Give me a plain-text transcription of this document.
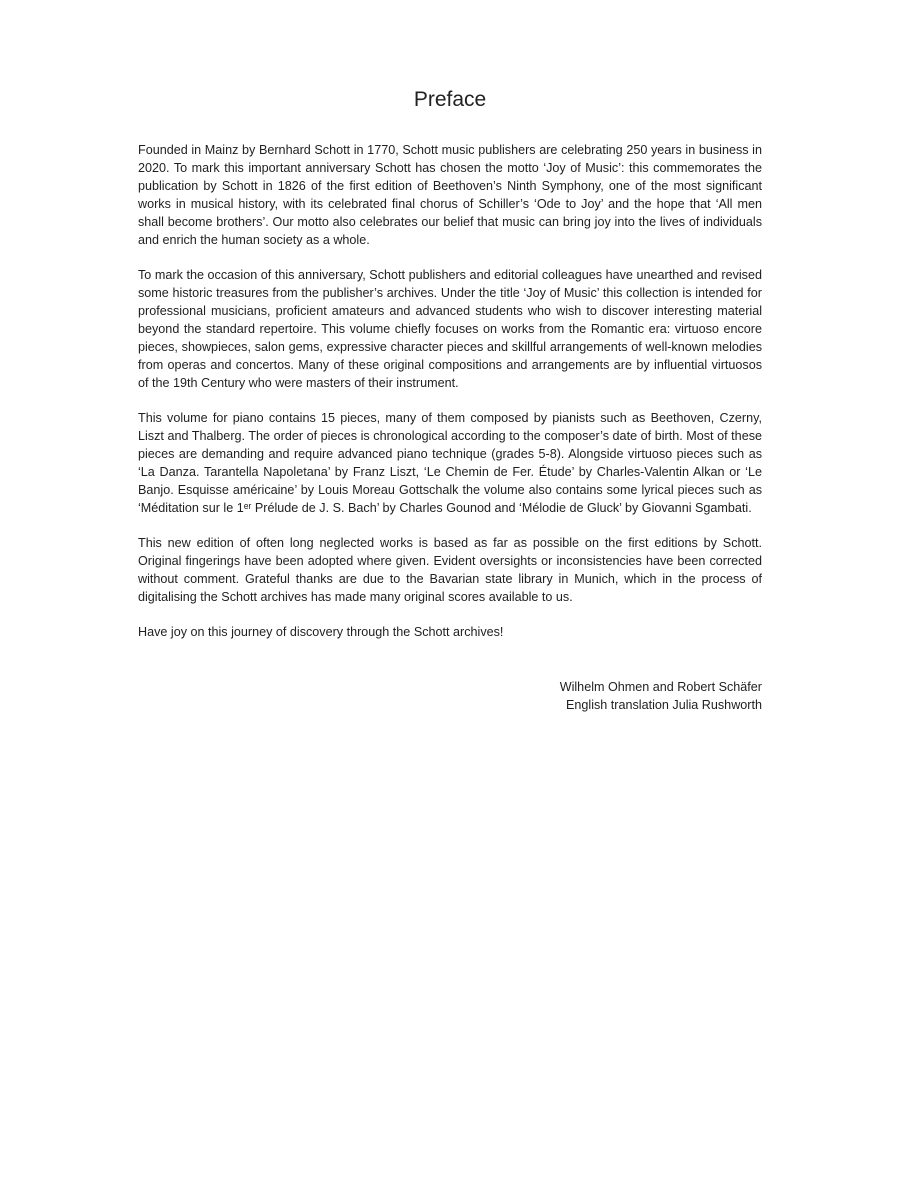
Preface

Founded in Mainz by Bernhard Schott in 1770, Schott music publishers are celebrating 250 years in business in 2020. To mark this important anniversary Schott has chosen the motto ‘Joy of Music’: this commemorates the publication by Schott in 1826 of the first edition of Beethoven’s Ninth Symphony, one of the most significant works in musical history, with its celebrated final chorus of Schiller’s ‘Ode to Joy’ and the hope that ‘All men shall become brothers’. Our motto also celebrates our belief that music can bring joy into the lives of individuals and enrich the human society as a whole.

To mark the occasion of this anniversary, Schott publishers and editorial colleagues have unearthed and revised some historic treasures from the publisher’s archives. Under the title ‘Joy of Music’ this collection is intended for professional musicians, proficient amateurs and advanced students who wish to discover interesting material beyond the standard repertoire. This volume chiefly focuses on works from the Romantic era: virtuoso encore pieces, showpieces, salon gems, expressive character pieces and skillful arrangements of well-known melodies from operas and concertos. Many of these original compositions and arrangements are by influential virtuosos of the 19th Century who were masters of their instrument.

This volume for piano contains 15 pieces, many of them composed by pianists such as Beethoven, Czerny, Liszt and Thalberg. The order of pieces is chronological according to the composer’s date of birth. Most of these pieces are demanding and require advanced piano technique (grades 5-8). Alongside virtuoso pieces such as ‘La Danza. Tarantella Napoletana’ by Franz Liszt, ‘Le Chemin de Fer. Étude’ by Charles-Valentin Alkan or ‘Le Banjo. Esquisse américaine’ by Louis Moreau Gottschalk the volume also contains some lyrical pieces such as ‘Méditation sur le 1ᵉʳ Prélude de J. S. Bach’ by Charles Gounod and ‘Mélodie de Gluck’ by Giovanni Sgambati.

This new edition of often long neglected works is based as far as possible on the first editions by Schott. Original fingerings have been adopted where given. Evident oversights or inconsistencies have been corrected without comment. Grateful thanks are due to the Bavarian state library in Munich, which in the process of digitalising the Schott archives has made many original scores available to us.

Have joy on this journey of discovery through the Schott archives!

Wilhelm Ohmen and Robert Schäfer
English translation Julia Rushworth
